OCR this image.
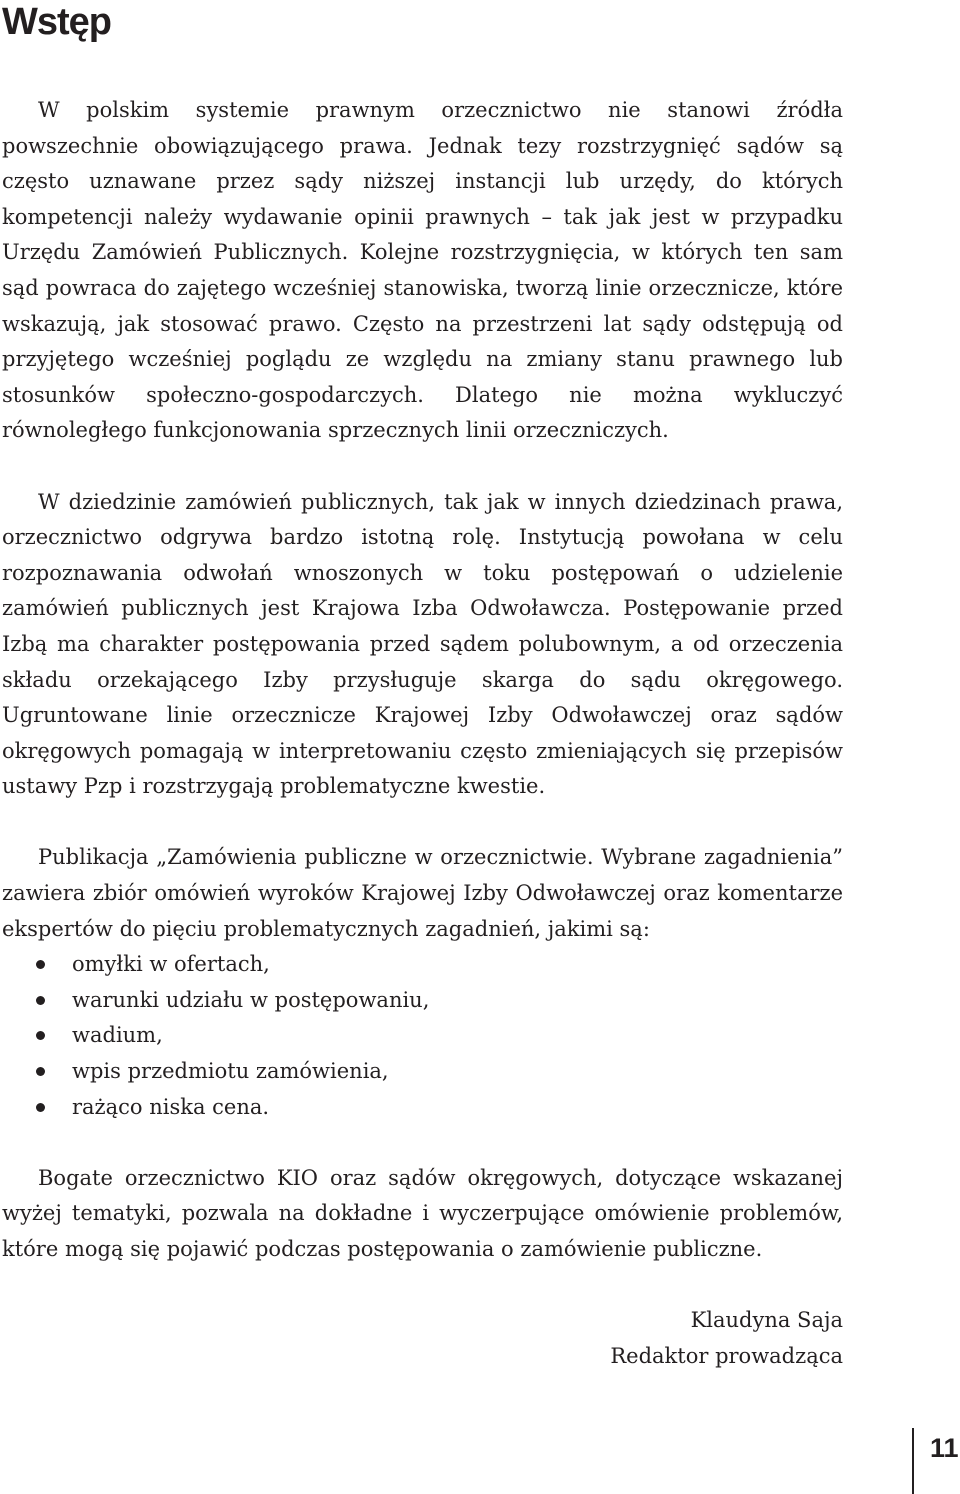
Wstęp

W polskim systemie prawnym orzecznictwo nie stanowi źródła powszechnie obowiązującego prawa. Jednak tezy rozstrzygnięć sądów są często uznawane przez sądy niższej instancji lub urzędy, do których kompetencji należy wydawanie opinii prawnych – tak jak jest w przypadku Urzędu Zamówień Publicznych. Kolejne rozstrzygnięcia, w których ten sam sąd powraca do zajętego wcześniej stanowiska, tworzą linie orzecznicze, które wskazują, jak stosować prawo. Często na przestrzeni lat sądy odstępują od przyjętego wcześniej poglądu ze względu na zmiany stanu prawnego lub stosunków społeczno-gospodarczych. Dlatego nie można wykluczyć równoległego funkcjonowania sprzecznych linii orzeczniczych.

W dziedzinie zamówień publicznych, tak jak w innych dziedzinach prawa, orzecznictwo odgrywa bardzo istotną rolę. Instytucją powołana w celu rozpoznawania odwołań wnoszonych w toku postępowań o udzielenie zamówień publicznych jest Krajowa Izba Odwoławcza. Postępowanie przed Izbą ma charakter postępowania przed sądem polubownym, a od orzeczenia składu orzekającego Izby przysługuje skarga do sądu okręgowego. Ugruntowane linie orzecznicze Krajowej Izby Odwoławczej oraz sądów okręgowych pomagają w interpretowaniu często zmieniających się przepisów ustawy Pzp i rozstrzygają problematyczne kwestie.

Publikacja „Zamówienia publiczne w orzecznictwie. Wybrane zagadnienia” zawiera zbiór omówień wyroków Krajowej Izby Odwoławczej oraz komentarze ekspertów do pięciu problematycznych zagadnień, jakimi są:

omyłki w ofertach,
warunki udziału w postępowaniu,
wadium,
wpis przedmiotu zamówienia,
rażąco niska cena.

Bogate orzecznictwo KIO oraz sądów okręgowych, dotyczące wskazanej wyżej tematyki, pozwala na dokładne i wyczerpujące omówienie problemów, które mogą się pojawić podczas postępowania o zamówienie publiczne.

Klaudyna Saja
Redaktor prowadząca
11
